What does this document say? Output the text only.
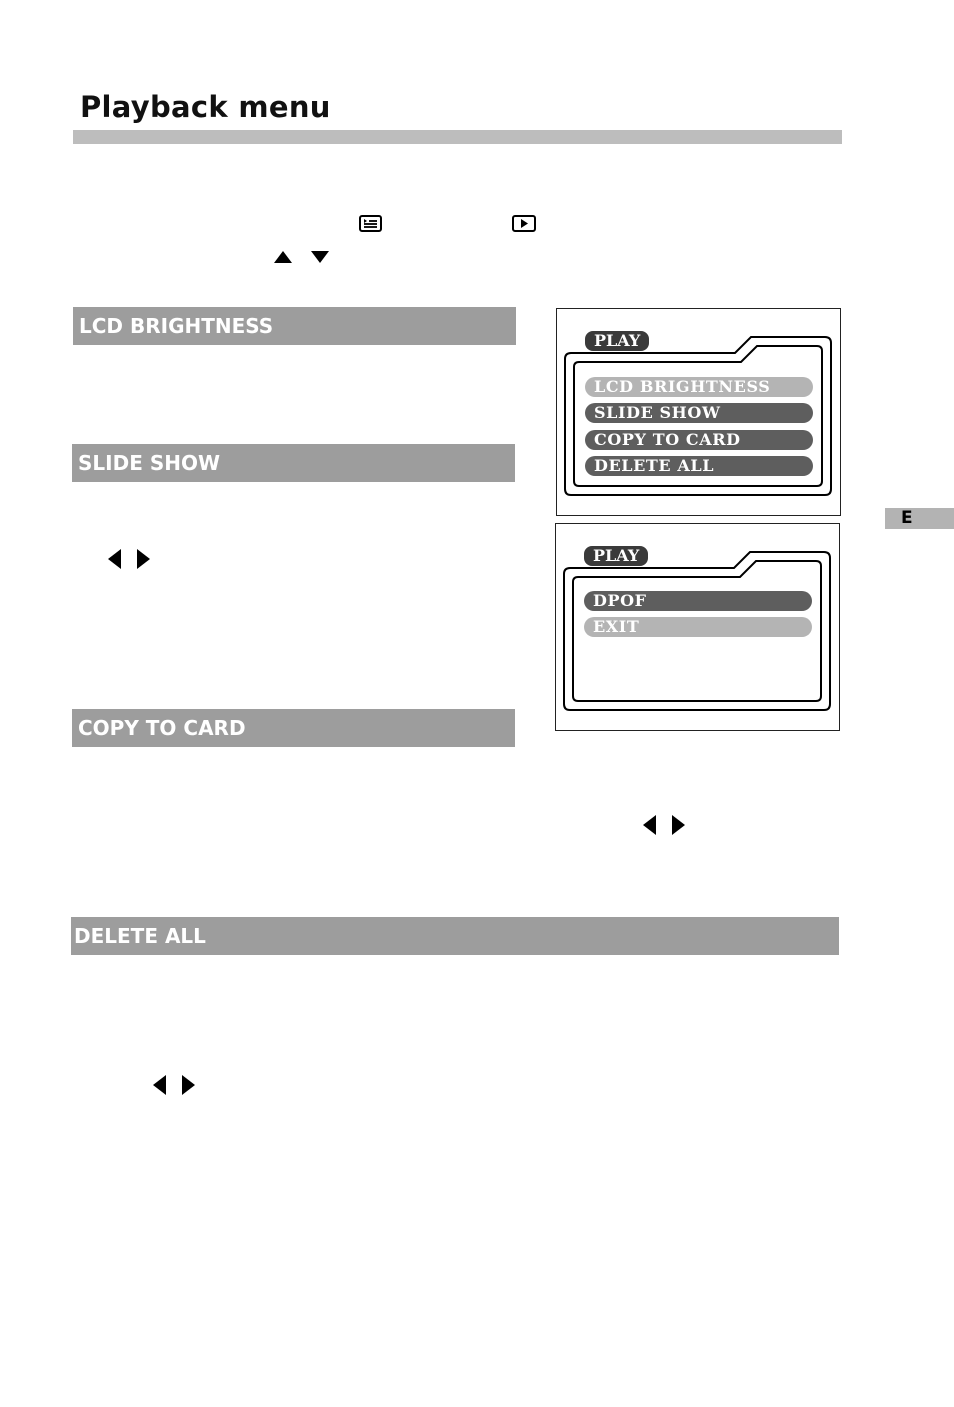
Playback menu
LCD BRIGHTNESS
SLIDE SHOW
COPY TO CARD
DELETE ALL
PLAY
LCD BRIGHTNESS
SLIDE SHOW
COPY TO CARD
DELETE ALL
PLAY
DPOF
EXIT
E
